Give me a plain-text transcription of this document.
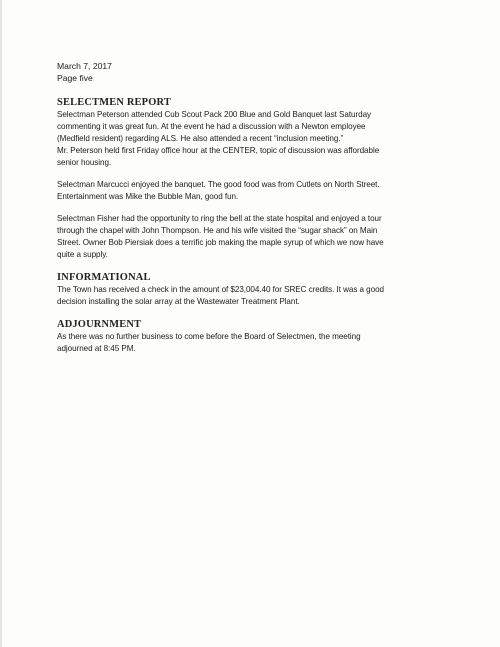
March 7, 2017

Page five

SELECTMEN REPORT

Selectman Peterson attended Cub Scout Pack 200 Blue and Gold Banquet last Saturday

commenting it was great fun. At the event he had a discussion with a Newton employee

(Medfield resident) regarding ALS. He also attended a recent “inclusion meeting.”

Mr. Peterson held first Friday office hour at the CENTER, topic of discussion was affordable

senior housing.

Selectman Marcucci enjoyed the banquet. The good food was from Cutlets on North Street.

Entertainment was Mike the Bubble Man, good fun.

Selectman Fisher had the opportunity to ring the bell at the state hospital and enjoyed a tour

through the chapel with John Thompson. He and his wife visited the “sugar shack” on Main

Street. Owner Bob Piersiak does a terrific job making the maple syrup of which we now have

quite a supply.

INFORMATIONAL

The Town has received a check in the amount of $23,004.40 for SREC credits. It was a good

decision installing the solar array at the Wastewater Treatment Plant.

ADJOURNMENT

As there was no further business to come before the Board of Selectmen, the meeting

adjourned at 8:45 PM.
